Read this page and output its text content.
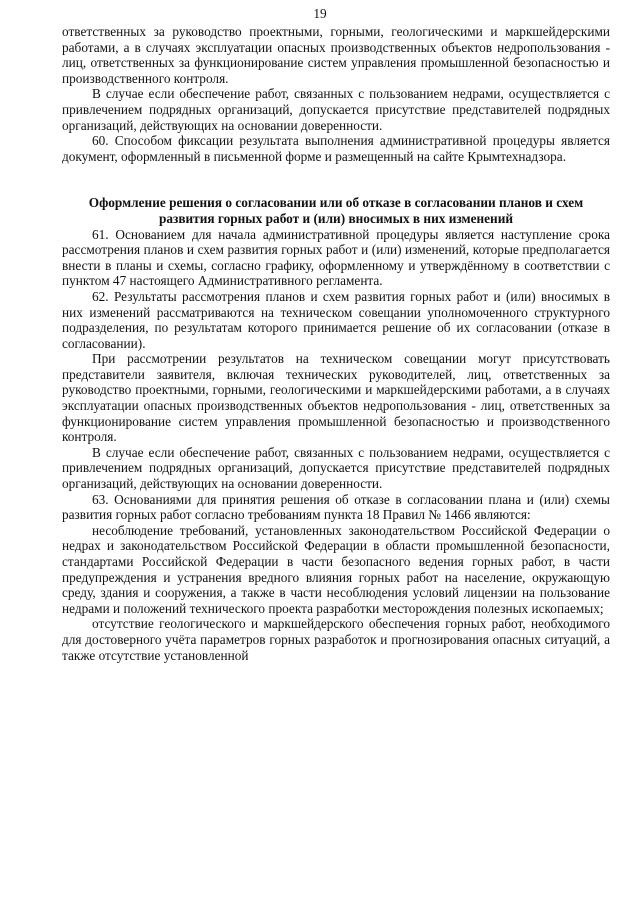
19

ответственных за руководство проектными, горными, геологическими и маркшейдерскими работами, а в случаях эксплуатации опасных производственных объектов недропользования - лиц, ответственных за функционирование систем управления промышленной безопасностью и производственного контроля.

В случае если обеспечение работ, связанных с пользованием недрами, осуществляется с привлечением подрядных организаций, допускается присутствие представителей подрядных организаций, действующих на основании доверенности.

60. Способом фиксации результата выполнения административной процедуры является документ, оформленный в письменной форме и размещенный на сайте Крымтехнадзора.

Оформление решения о согласовании или об отказе в согласовании планов и схем развития горных работ и (или) вносимых в них изменений

61. Основанием для начала административной процедуры является наступление срока рассмотрения планов и схем развития горных работ и (или) изменений, которые предполагается внести в планы и схемы, согласно графику, оформленному и утверждённому в соответствии с пунктом 47 настоящего Административного регламента.

62. Результаты рассмотрения планов и схем развития горных работ и (или) вносимых в них изменений рассматриваются на техническом совещании уполномоченного структурного подразделения, по результатам которого принимается решение об их согласовании (отказе в согласовании).

При рассмотрении результатов на техническом совещании могут присутствовать представители заявителя, включая технических руководителей, лиц, ответственных за руководство проектными, горными, геологическими и маркшейдерскими работами, а в случаях эксплуатации опасных производственных объектов недропользования - лиц, ответственных за функционирование систем управления промышленной безопасностью и производственного контроля.

В случае если обеспечение работ, связанных с пользованием недрами, осуществляется с привлечением подрядных организаций, допускается присутствие представителей подрядных организаций, действующих на основании доверенности.

63. Основаниями для принятия решения об отказе в согласовании плана и (или) схемы развития горных работ согласно требованиям пункта 18 Правил № 1466 являются:

несоблюдение требований, установленных законодательством Российской Федерации о недрах и законодательством Российской Федерации в области промышленной безопасности, стандартами Российской Федерации в части безопасного ведения горных работ, в части предупреждения и устранения вредного влияния горных работ на население, окружающую среду, здания и сооружения, а также в части несоблюдения условий лицензии на пользование недрами и положений технического проекта разработки месторождения полезных ископаемых;

отсутствие геологического и маркшейдерского обеспечения горных работ, необходимого для достоверного учёта параметров горных разработок и прогнозирования опасных ситуаций, а также отсутствие установленной
